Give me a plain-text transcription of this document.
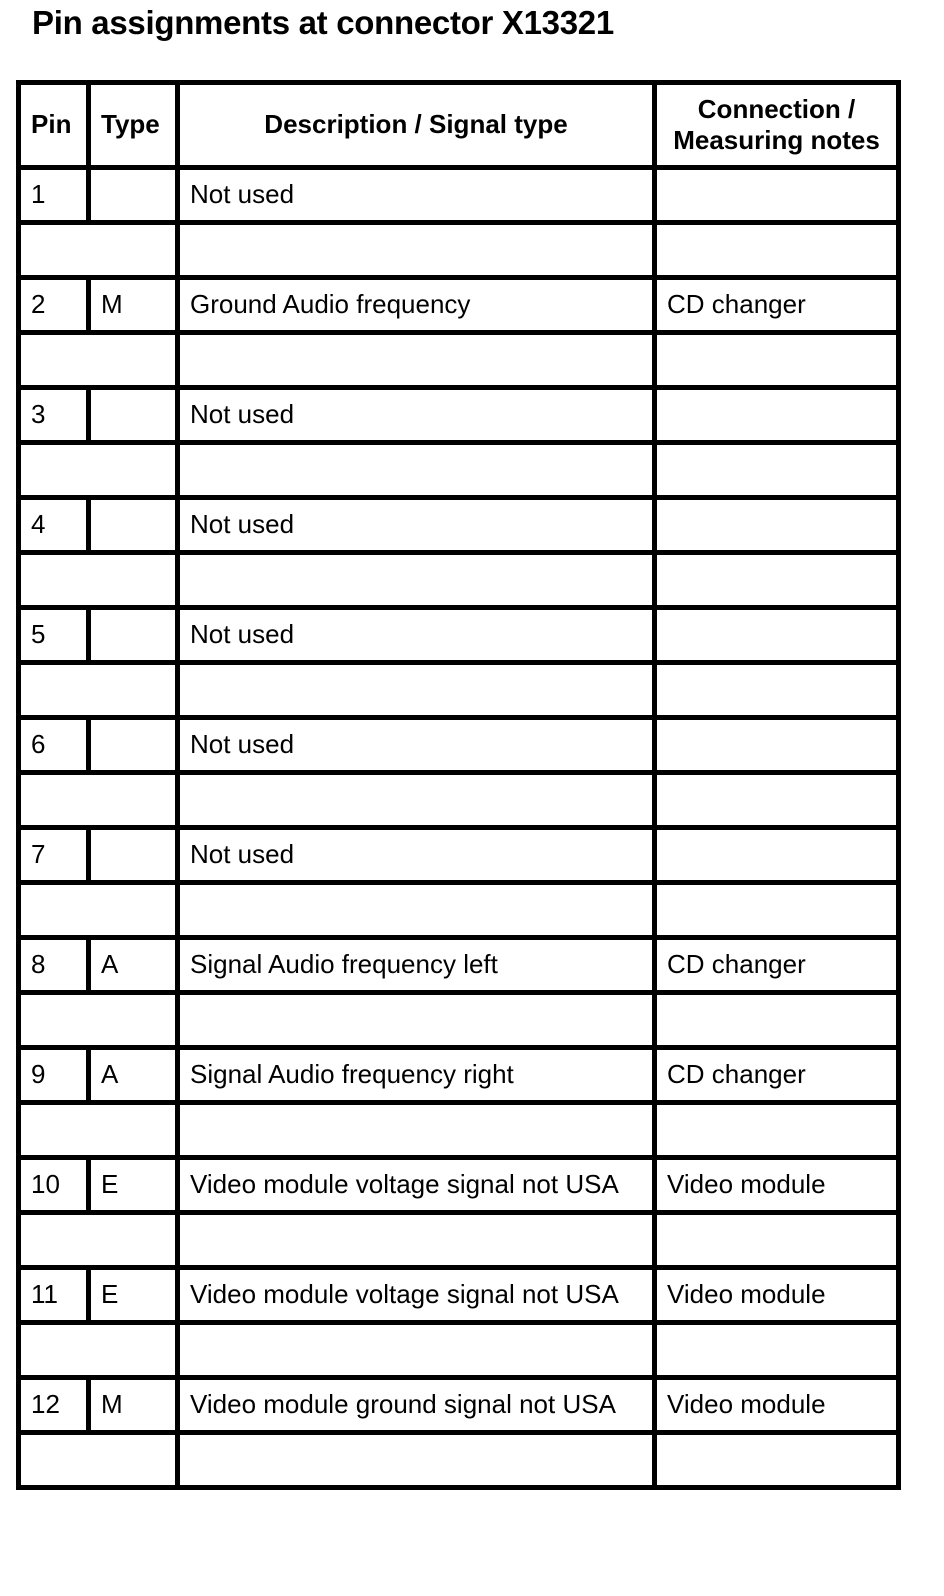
Pin assignments at connector X13321
Pin	Type	Description / Signal type	Connection / Measuring notes
1		Not used	

2	M	Ground Audio frequency	CD changer

3		Not used	

4		Not used	

5		Not used	

6		Not used	

7		Not used	

8	A	Signal Audio frequency left	CD changer

9	A	Signal Audio frequency right	CD changer

10	E	Video module voltage signal not USA	Video module

11	E	Video module voltage signal not USA	Video module

12	M	Video module ground signal not USA	Video module
